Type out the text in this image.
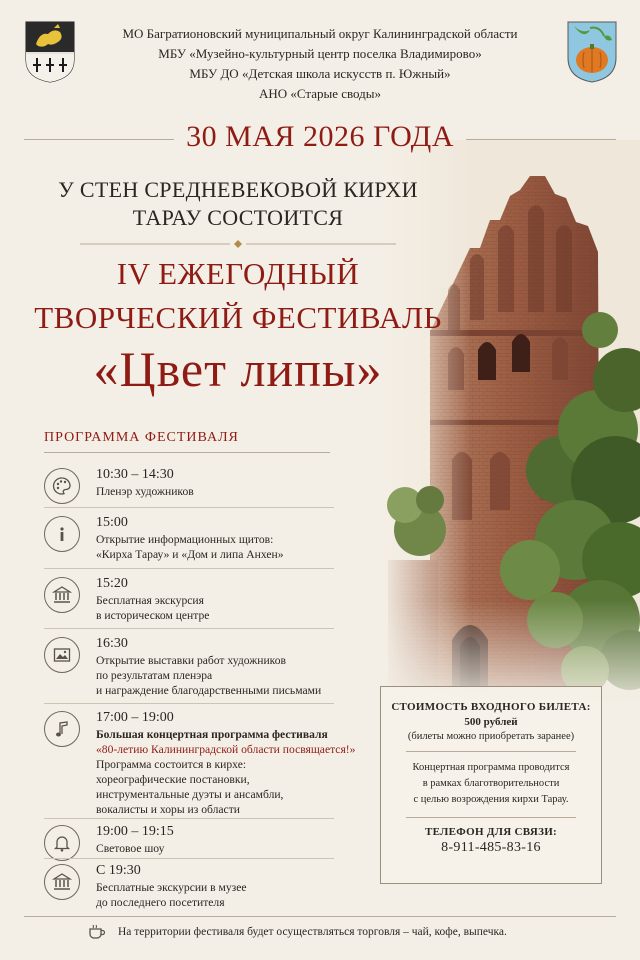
МО Багратионовский муниципальный округ Калининградской области
МБУ «Музейно-культурный центр поселка Владимирово»
МБУ ДО «Детская школа искусств п. Южный»
АНО «Старые своды»
30 МАЯ 2026 ГОДА
У СТЕН СРЕДНЕВЕКОВОЙ КИРХИ
ТАРАУ СОСТОИТСЯ
IV ЕЖЕГОДНЫЙ
ТВОРЧЕСКИЙ ФЕСТИВАЛЬ
«Цвет липы»
ПРОГРАММА ФЕСТИВАЛЯ
10:30 – 14:30
Пленэр художников
15:00
Открытие информационных щитов:
«Кирха Тарау» и «Дом и липа Анхен»
15:20
Бесплатная экскурсия
в историческом центре
16:30
Открытие выставки работ художников
по результатам пленэра
и награждение благодарственными письмами
17:00 – 19:00
Большая концертная программа фестиваля
«80-летию Калининградской области посвящается!»
Программа состоится в кирхе:
хореографические постановки,
инструментальные дуэты и ансамбли,
вокалисты и хоры из области
19:00 – 19:15
Световое шоу
С 19:30
Бесплатные экскурсии в музее
до последнего посетителя
СТОИМОСТЬ ВХОДНОГО БИЛЕТА:
500 рублей
(билеты можно приобретать заранее)
Концертная программа проводится
в рамках благотворительности
с целью возрождения кирхи Тарау.
ТЕЛЕФОН ДЛЯ СВЯЗИ:
8-911-485-83-16
На территории фестиваля будет осуществляться торговля – чай, кофе, выпечка.
